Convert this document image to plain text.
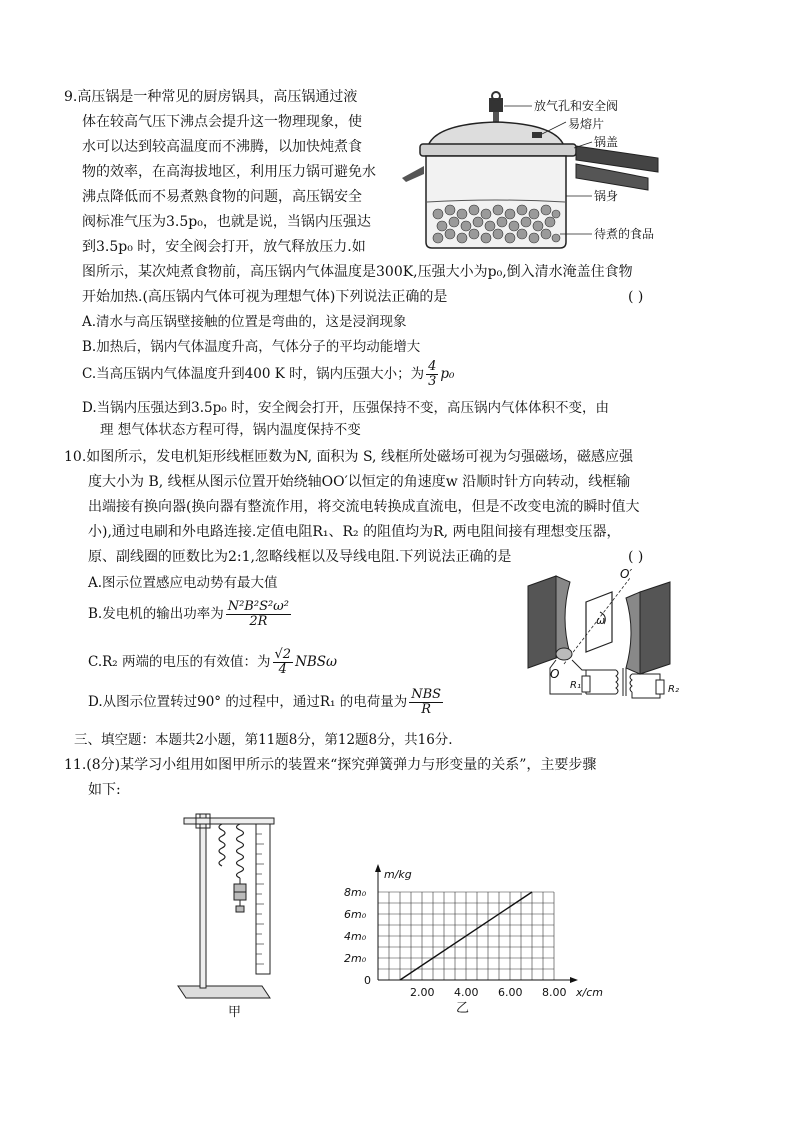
9.高压锅是一种常见的厨房锅具，高压锅通过液
体在较高气压下沸点会提升这一物理现象，使
水可以达到较高温度而不沸腾，以加快炖煮食
物的效率，在高海拔地区，利用压力锅可避免水
沸点降低而不易煮熟食物的问题，高压锅安全
阀标准气压为3.5p₀，也就是说，当锅内压强达
到3.5p₀ 时，安全阀会打开，放气释放压力.如
图所示，某次炖煮食物前，高压锅内气体温度是300K,压强大小为p₀,倒入清水淹盖住食物
开始加热.(高压锅内气体可视为理想气体)下列说法正确的是	( )
A.清水与高压锅壁接触的位置是弯曲的，这是浸润现象
B.加热后，锅内气体温度升高，气体分子的平均动能增大
C.当高压锅内气体温度升到400 K 时，锅内压强大小；为 $\frac{4}{3} p_0$
D.当锅内压强达到3.5p₀ 时，安全阀会打开，压强保持不变，高压锅内气体体积不变，由
理 想气体状态方程可得，锅内温度保持不变
放气孔和安全阀
易熔片
锅盖
锅身
待煮的食品
10.如图所示，发电机矩形线框匝数为N, 面积为 S, 线框所处磁场可视为匀强磁场，磁感应强
度大小为 B, 线框从图示位置开始绕轴OO′以恒定的角速度w 沿顺时针方向转动，线框输
出端接有换向器(换向器有整流作用，将交流电转换成直流电，但是不改变电流的瞬时值大
小),通过电刷和外电路连接.定值电阻R₁、R₂ 的阻值均为R, 两电阻间接有理想变压器，
原、副线圈的匝数比为2:1,忽略线框以及导线电阻.下列说法正确的是	( )
A.图示位置感应电动势有最大值
B.发电机的输出功率为 $\frac{\text{N²B²S²ω²}}{2R}$
C.R₂ 两端的电压的有效值：为 $\frac{√2}{4}$ NBSω
D.从图示位置转过90° 的过程中，通过R₁ 的电荷量为 $\frac{\text{NBS}}{R}$
O′
ω
O
R₁	R₂
三、填空题：本题共2小题，第11题8分，第12题8分，共16分.
11.(8分)某学习小组用如图甲所示的装置来“探究弹簧弹力与形变量的关系”，主要步骤
如下:
甲
2.00 4.00 6.00 8.00
2m₀
4m₀
6m₀
8m₀
m/kg
x/cm
0
乙
